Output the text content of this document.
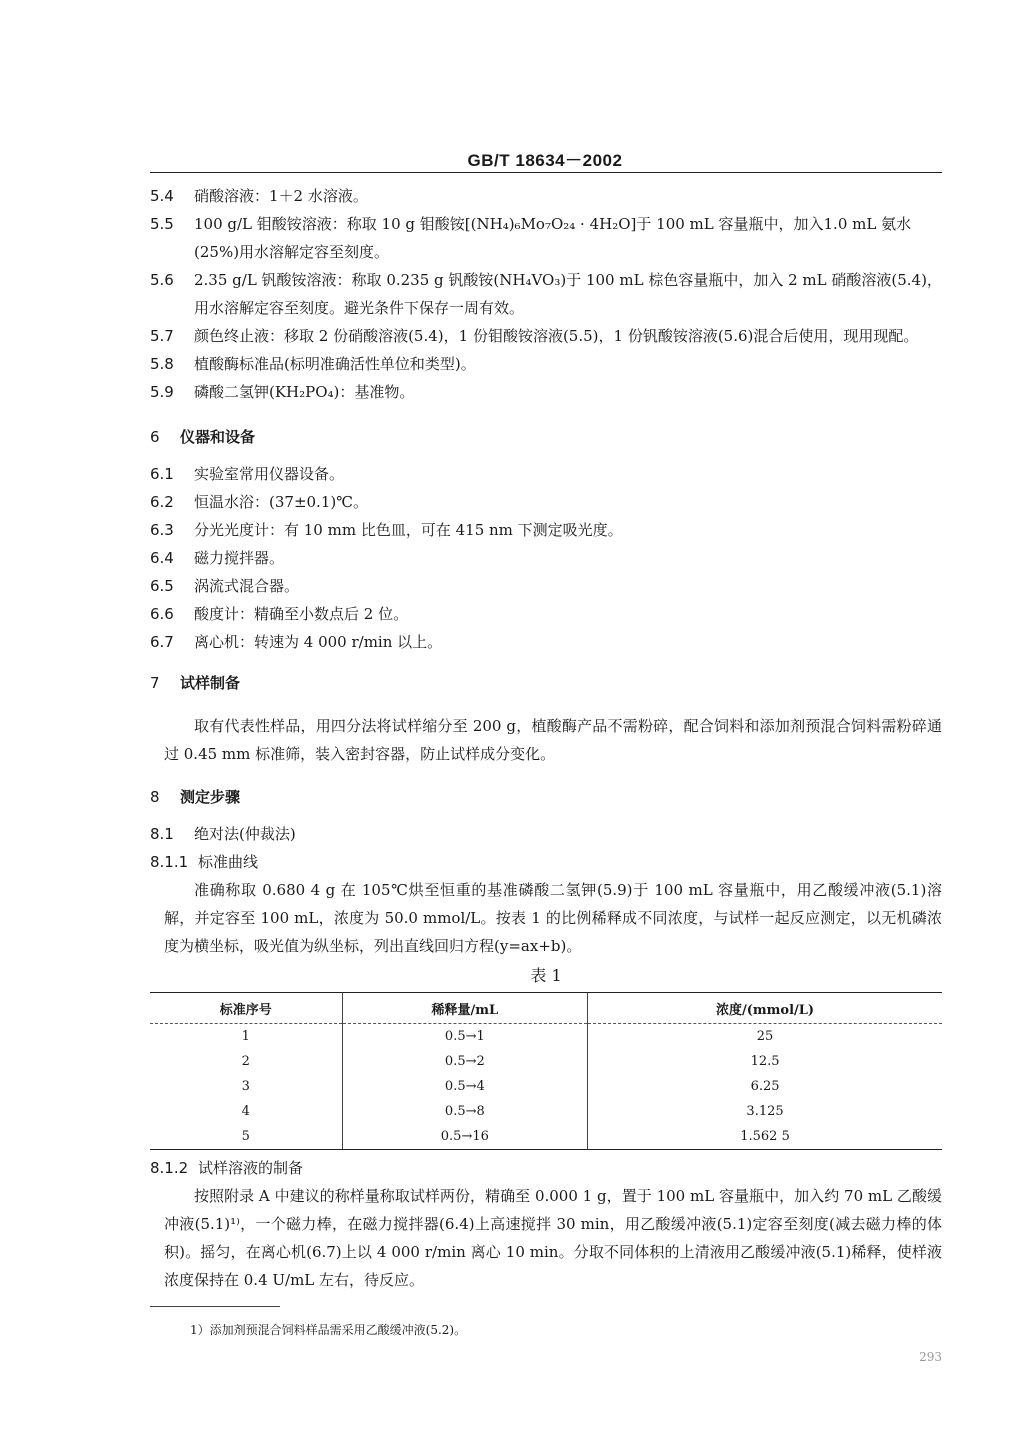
GB/T 18634－2002
5.4	硝酸溶液：1＋2 水溶液。
5.5	100 g/L 钼酸铵溶液：称取 10 g 钼酸铵[(NH₄)₆Mo₇O₂₄ · 4H₂O]于 100 mL 容量瓶中，加入1.0 mL 氨水(25%)用水溶解定容至刻度。
5.6	2.35 g/L 钒酸铵溶液：称取 0.235 g 钒酸铵(NH₄VO₃)于 100 mL 棕色容量瓶中，加入 2 mL 硝酸溶液(5.4)，用水溶解定容至刻度。避光条件下保存一周有效。
5.7	颜色终止液：移取 2 份硝酸溶液(5.4)，1 份钼酸铵溶液(5.5)，1 份钒酸铵溶液(5.6)混合后使用，现用现配。
5.8	植酸酶标准品(标明准确活性单位和类型)。
5.9	磷酸二氢钾(KH₂PO₄)：基准物。
6	仪器和设备
6.1	实验室常用仪器设备。
6.2	恒温水浴：(37±0.1)℃。
6.3	分光光度计：有 10 mm 比色皿，可在 415 nm 下测定吸光度。
6.4	磁力搅拌器。
6.5	涡流式混合器。
6.6	酸度计：精确至小数点后 2 位。
6.7	离心机：转速为 4 000 r/min 以上。
7	试样制备

取有代表性样品，用四分法将试样缩分至 200 g，植酸酶产品不需粉碎，配合饲料和添加剂预混合饲料需粉碎通过 0.45 mm 标准筛，装入密封容器，防止试样成分变化。

8	测定步骤
8.1	绝对法(仲裁法)
8.1.1 标准曲线

准确称取 0.680 4 g 在 105℃烘至恒重的基准磷酸二氢钾(5.9)于 100 mL 容量瓶中，用乙酸缓冲液(5.1)溶解，并定容至 100 mL，浓度为 50.0 mmol/L。按表 1 的比例稀释成不同浓度，与试样一起反应测定，以无机磷浓度为横坐标，吸光值为纵坐标，列出直线回归方程(y=ax+b)。

表 1
标准序号	稀释量/mL	浓度/(mmol/L)
1	0.5→1	25
2	0.5→2	12.5
3	0.5→4	6.25
4	0.5→8	3.125
5	0.5→16	1.562 5
8.1.2 试样溶液的制备

按照附录 A 中建议的称样量称取试样两份，精确至 0.000 1 g，置于 100 mL 容量瓶中，加入约 70 mL 乙酸缓冲液(5.1)¹⁾，一个磁力棒，在磁力搅拌器(6.4)上高速搅拌 30 min，用乙酸缓冲液(5.1)定容至刻度(减去磁力棒的体积)。摇匀，在离心机(6.7)上以 4 000 r/min 离心 10 min。分取不同体积的上清液用乙酸缓冲液(5.1)稀释，使样液浓度保持在 0.4 U/mL 左右，待反应。

1）添加剂预混合饲料样品需采用乙酸缓冲液(5.2)。
293
